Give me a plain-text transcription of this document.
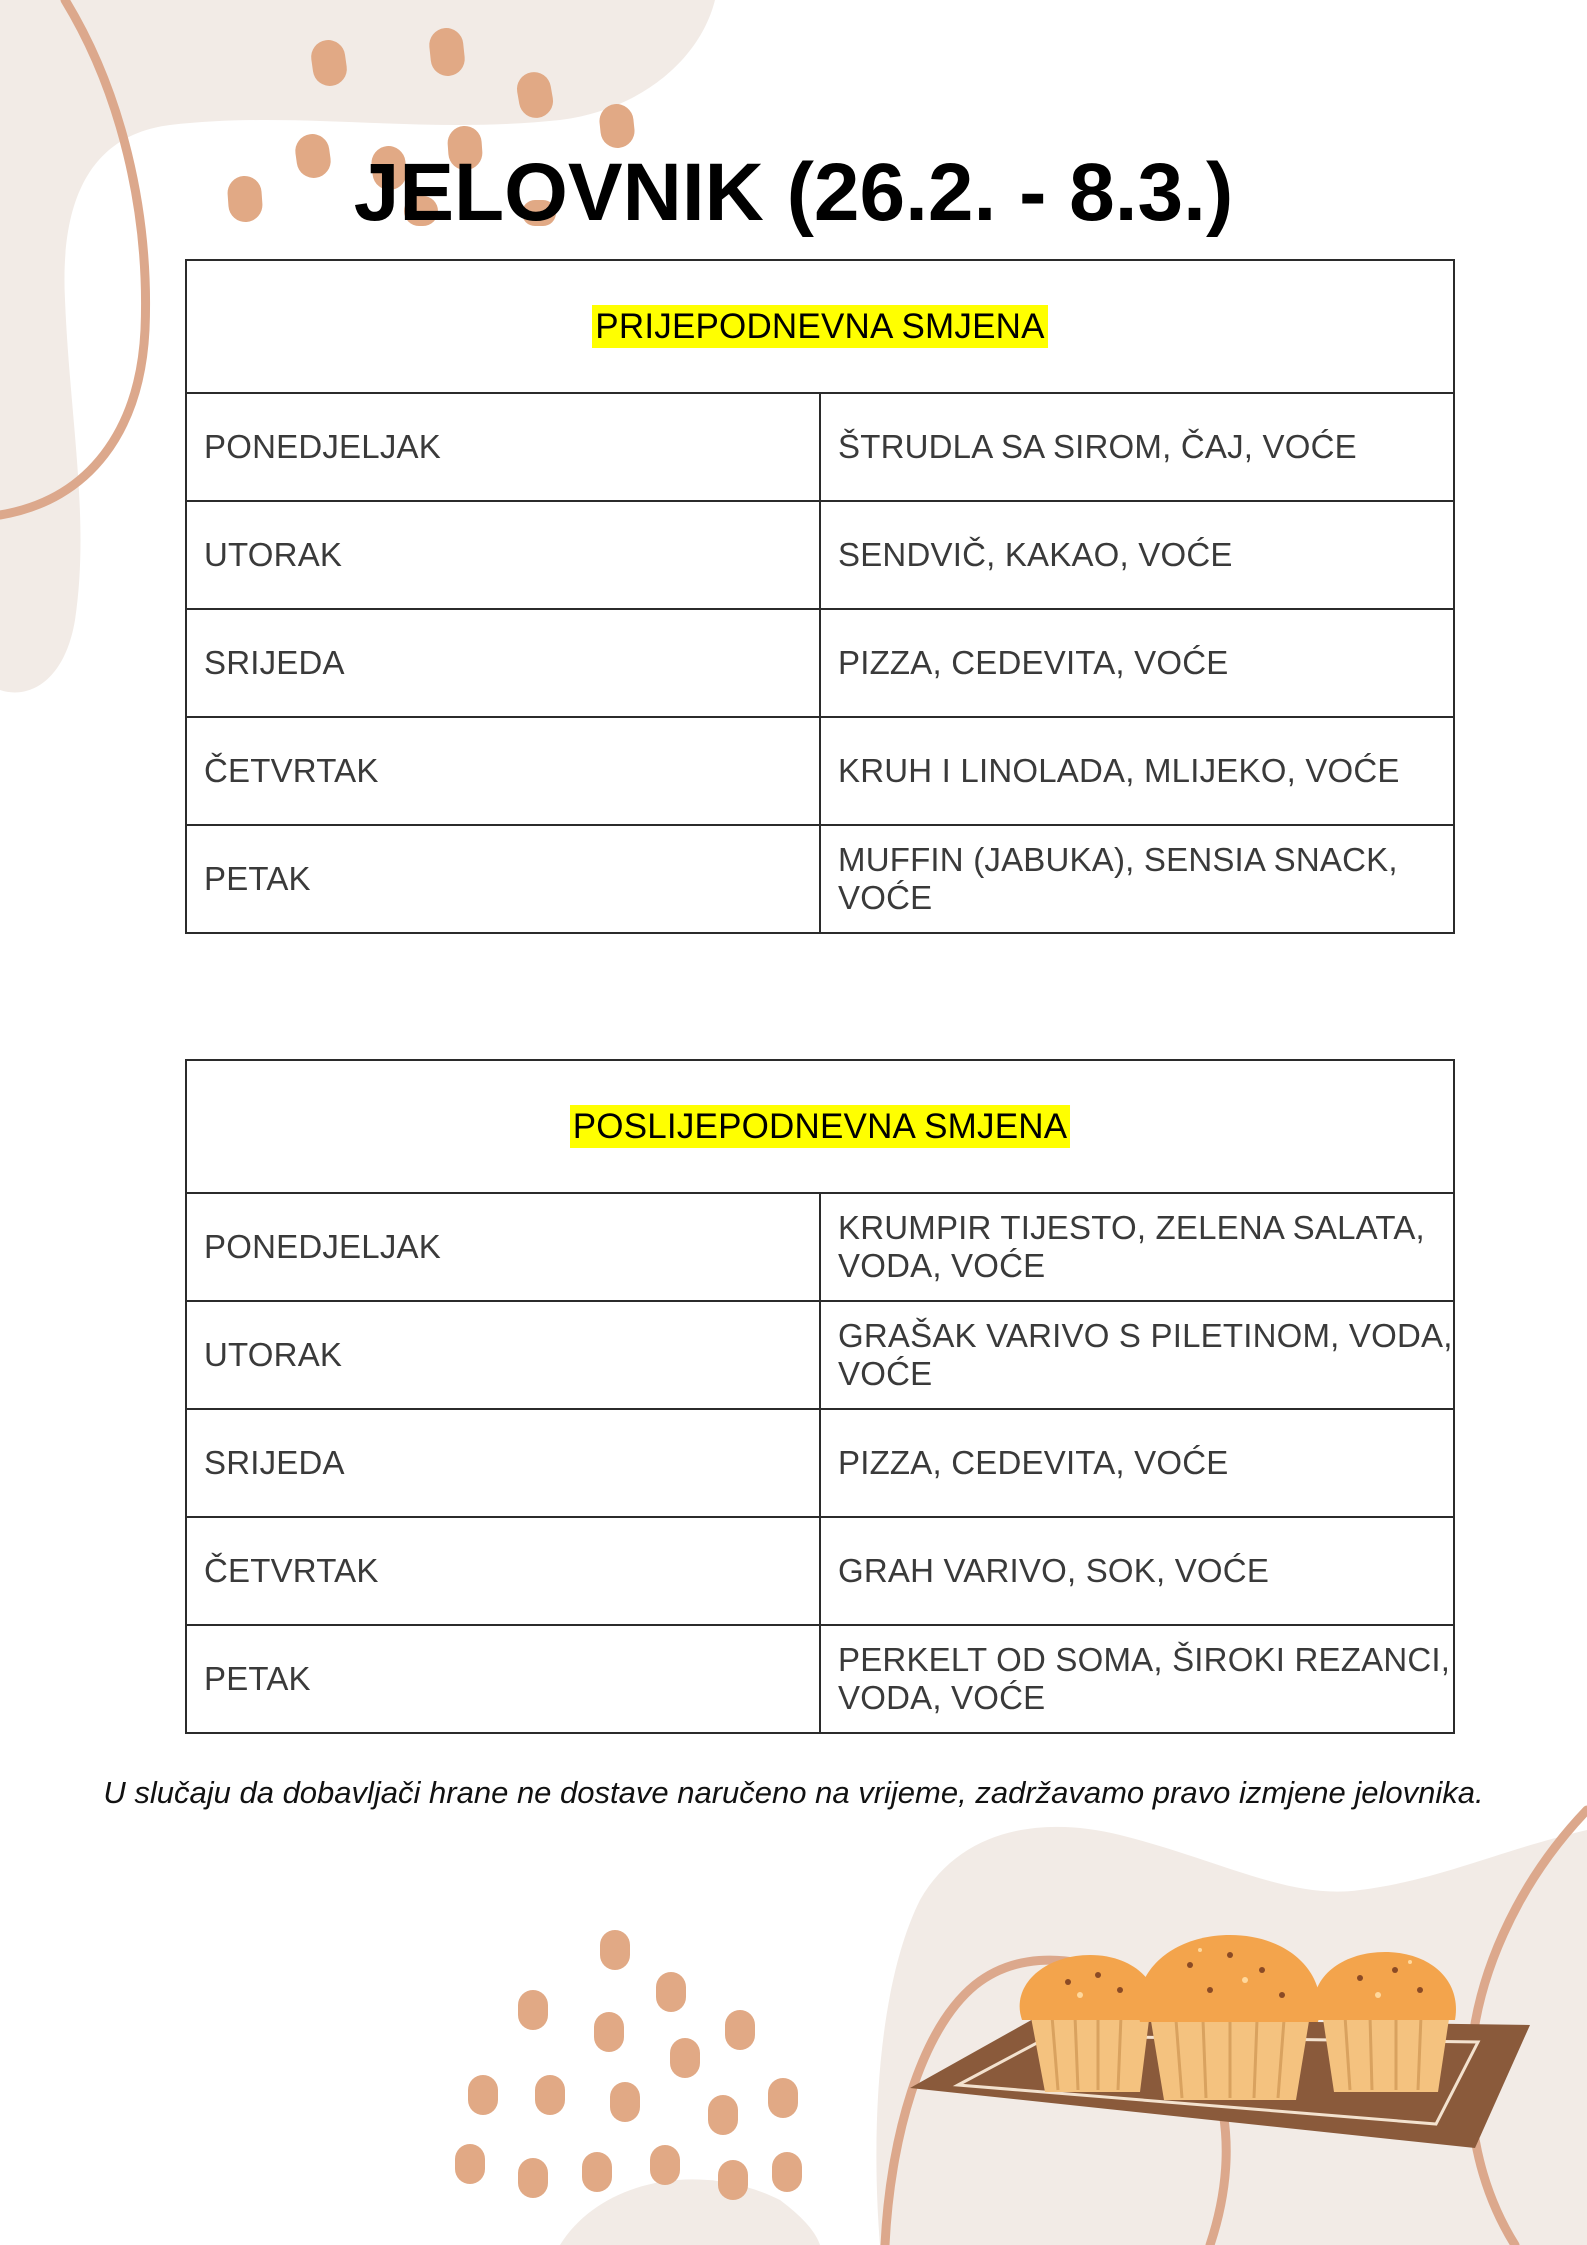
JELOVNIK (26.2. - 8.3.)
PRIJEPODNEVNA SMJENA	
PONEDJELJAK	ŠTRUDLA SA SIROM, ČAJ, VOĆE
UTORAK	SENDVIČ, KAKAO, VOĆE
SRIJEDA	PIZZA, CEDEVITA, VOĆE
ČETVRTAK	KRUH I LINOLADA, MLIJEKO, VOĆE
PETAK	MUFFIN (JABUKA), SENSIA SNACK, VOĆE
POSLIJEPODNEVNA SMJENA	
PONEDJELJAK	KRUMPIR TIJESTO, ZELENA SALATA, VODA, VOĆE
UTORAK	GRAŠAK VARIVO S PILETINOM, VODA, VOĆE
SRIJEDA	PIZZA, CEDEVITA, VOĆE
ČETVRTAK	GRAH VARIVO, SOK, VOĆE
PETAK	PERKELT OD SOMA, ŠIROKI REZANCI, VODA, VOĆE

U slučaju da dobavljači hrane ne dostave naručeno na vrijeme, zadržavamo pravo izmjene jelovnika.
